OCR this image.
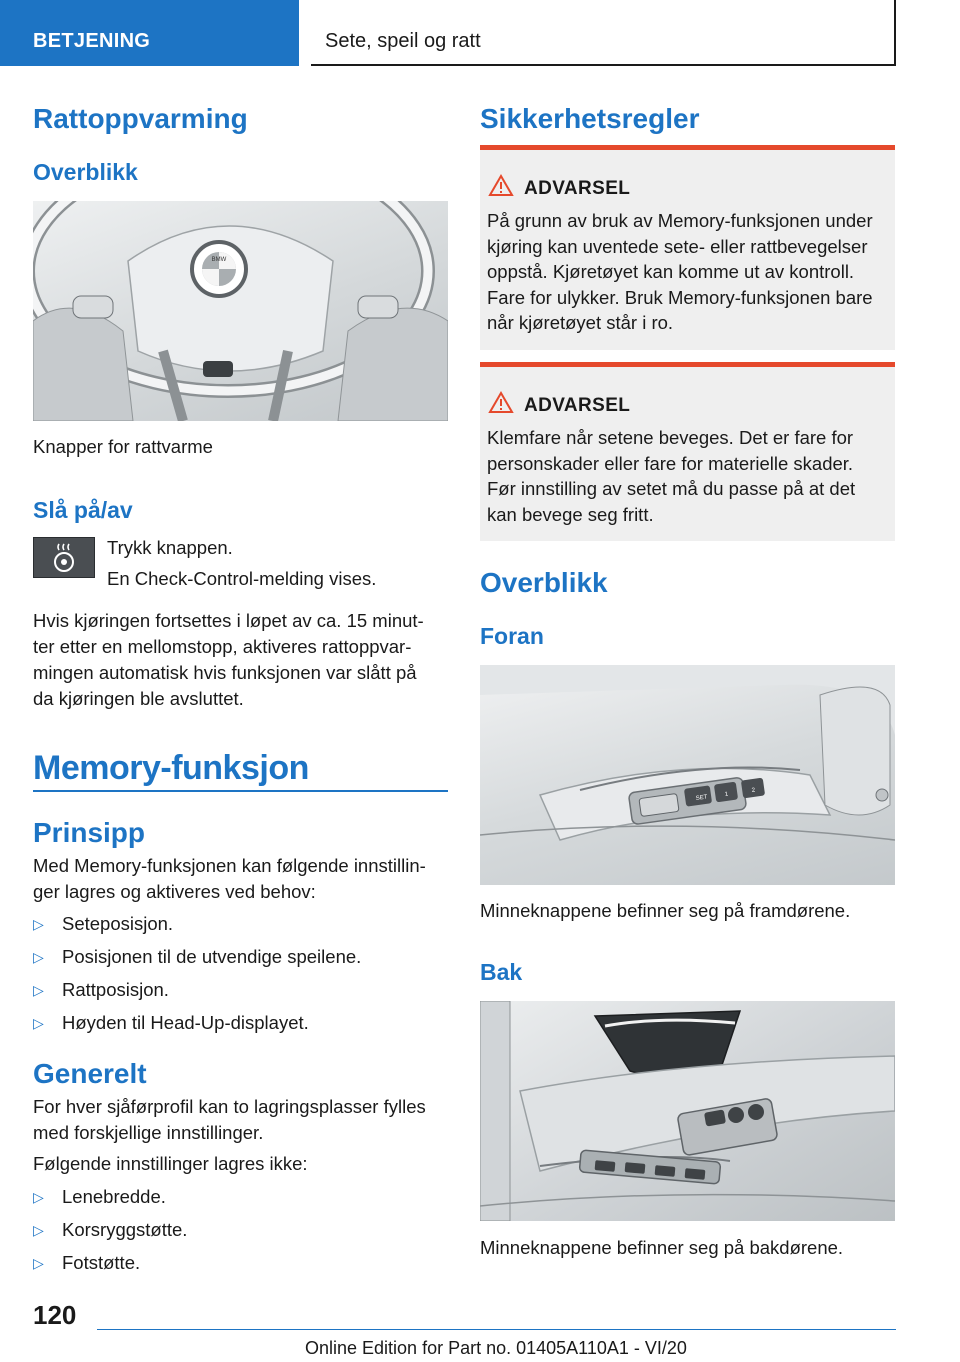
BETJENING	Sete, speil og ratt
Rattoppvarming
Overblikk
BMW
Knapper for rattvarme
Slå på/av
Trykk knappen.
En Check-Control-melding vises.
Hvis kjøringen fortsettes i løpet av ca. 15 minut-
ter etter en mellomstopp, aktiveres rattoppvar-
mingen automatisk hvis funksjonen var slått på
da kjøringen ble avsluttet.
Memory-funksjon
Prinsipp
Med Memory-funksjonen kan følgende innstillin-
ger lagres og aktiveres ved behov:
▷ Seteposisjon.
▷ Posisjonen til de utvendige speilene.
▷ Rattposisjon.
▷ Høyden til Head-Up-displayet.
Generelt
For hver sjåførprofil kan to lagringsplasser fylles
med forskjellige innstillinger.
Følgende innstillinger lagres ikke:
▷ Lenebredde.
▷ Korsryggstøtte.
▷ Fotstøtte.
Sikkerhetsregler
ADVARSEL
På grunn av bruk av Memory-funksjonen under
kjøring kan uventede sete- eller rattbevegelser
oppstå. Kjøretøyet kan komme ut av kontroll.
Fare for ulykker. Bruk Memory-funksjonen bare
når kjøretøyet står i ro.
ADVARSEL
Klemfare når setene beveges. Det er fare for
personskader eller fare for materielle skader.
Før innstilling av setet må du passe på at det
kan bevege seg fritt.
Overblikk
Foran
SET	1
2
Minneknappene befinner seg på framdørene.
Bak
Minneknappene befinner seg på bakdørene.
120
Online Edition for Part no. 01405A110A1 - VI/20
